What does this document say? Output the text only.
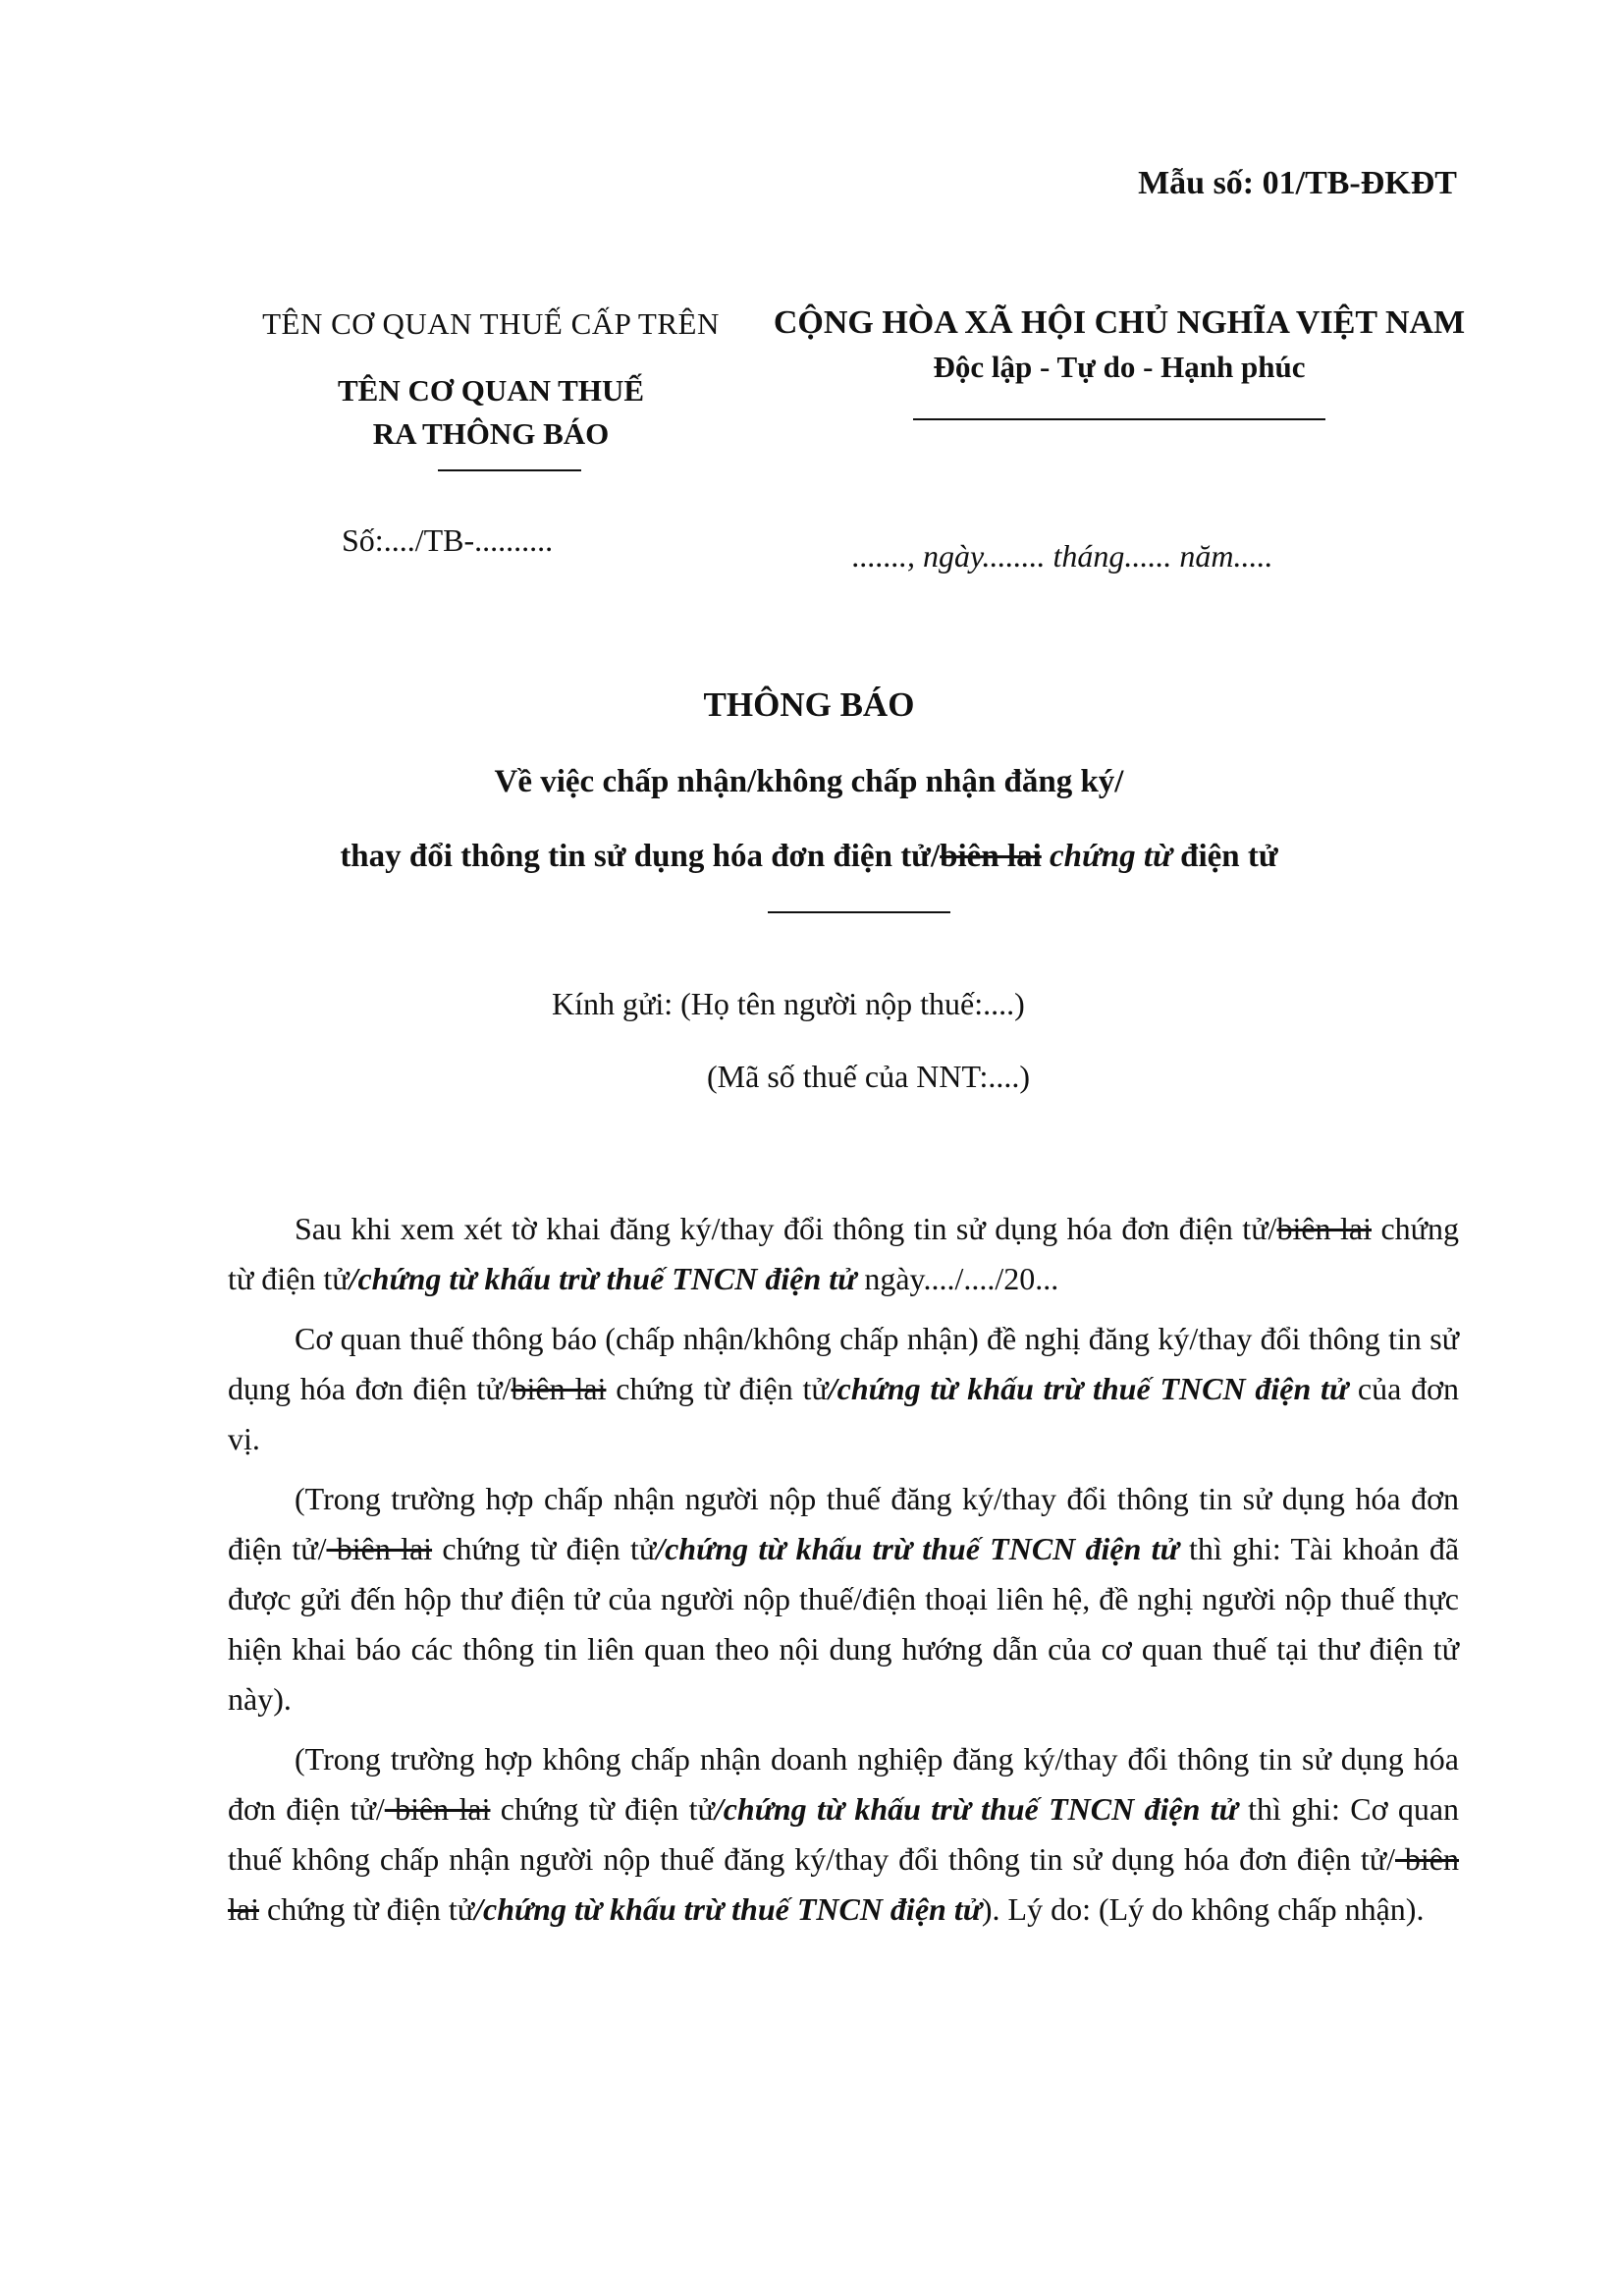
Mẫu số: 01/TB-ĐKĐT
TÊN CƠ QUAN THUẾ CẤP TRÊN
TÊN CƠ QUAN THUẾ
RA THÔNG BÁO
CỘNG HÒA XÃ HỘI CHỦ NGHĨA VIỆT NAM
Độc lập - Tự do - Hạnh phúc
Số:..../TB-..........	......., ngày........ tháng...... năm.....
THÔNG BÁO
Về việc chấp nhận/không chấp nhận đăng ký/
thay đổi thông tin sử dụng hóa đơn điện tử/biên lai chứng từ điện tử
Kính gửi: (Họ tên người nộp thuế:....)
(Mã số thuế của NNT:....)

Sau khi xem xét tờ khai đăng ký/thay đổi thông tin sử dụng hóa đơn điện tử/biên lai chứng từ điện tử/chứng từ khấu trừ thuế TNCN điện tử ngày..../..../20...

Cơ quan thuế thông báo (chấp nhận/không chấp nhận) đề nghị đăng ký/thay đổi thông tin sử dụng hóa đơn điện tử/biên lai chứng từ điện tử/chứng từ khấu trừ thuế TNCN điện tử của đơn vị.

(Trong trường hợp chấp nhận người nộp thuế đăng ký/thay đổi thông tin sử dụng hóa đơn điện tử/ biên lai chứng từ điện tử/chứng từ khấu trừ thuế TNCN điện tử thì ghi: Tài khoản đã được gửi đến hộp thư điện tử của người nộp thuế/điện thoại liên hệ, đề nghị người nộp thuế thực hiện khai báo các thông tin liên quan theo nội dung hướng dẫn của cơ quan thuế tại thư điện tử này).

(Trong trường hợp không chấp nhận doanh nghiệp đăng ký/thay đổi thông tin sử dụng hóa đơn điện tử/ biên lai chứng từ điện tử/chứng từ khấu trừ thuế TNCN điện tử thì ghi: Cơ quan thuế không chấp nhận người nộp thuế đăng ký/thay đổi thông tin sử dụng hóa đơn điện tử/ biên lai chứng từ điện tử/chứng từ khấu trừ thuế TNCN điện tử). Lý do: (Lý do không chấp nhận).
